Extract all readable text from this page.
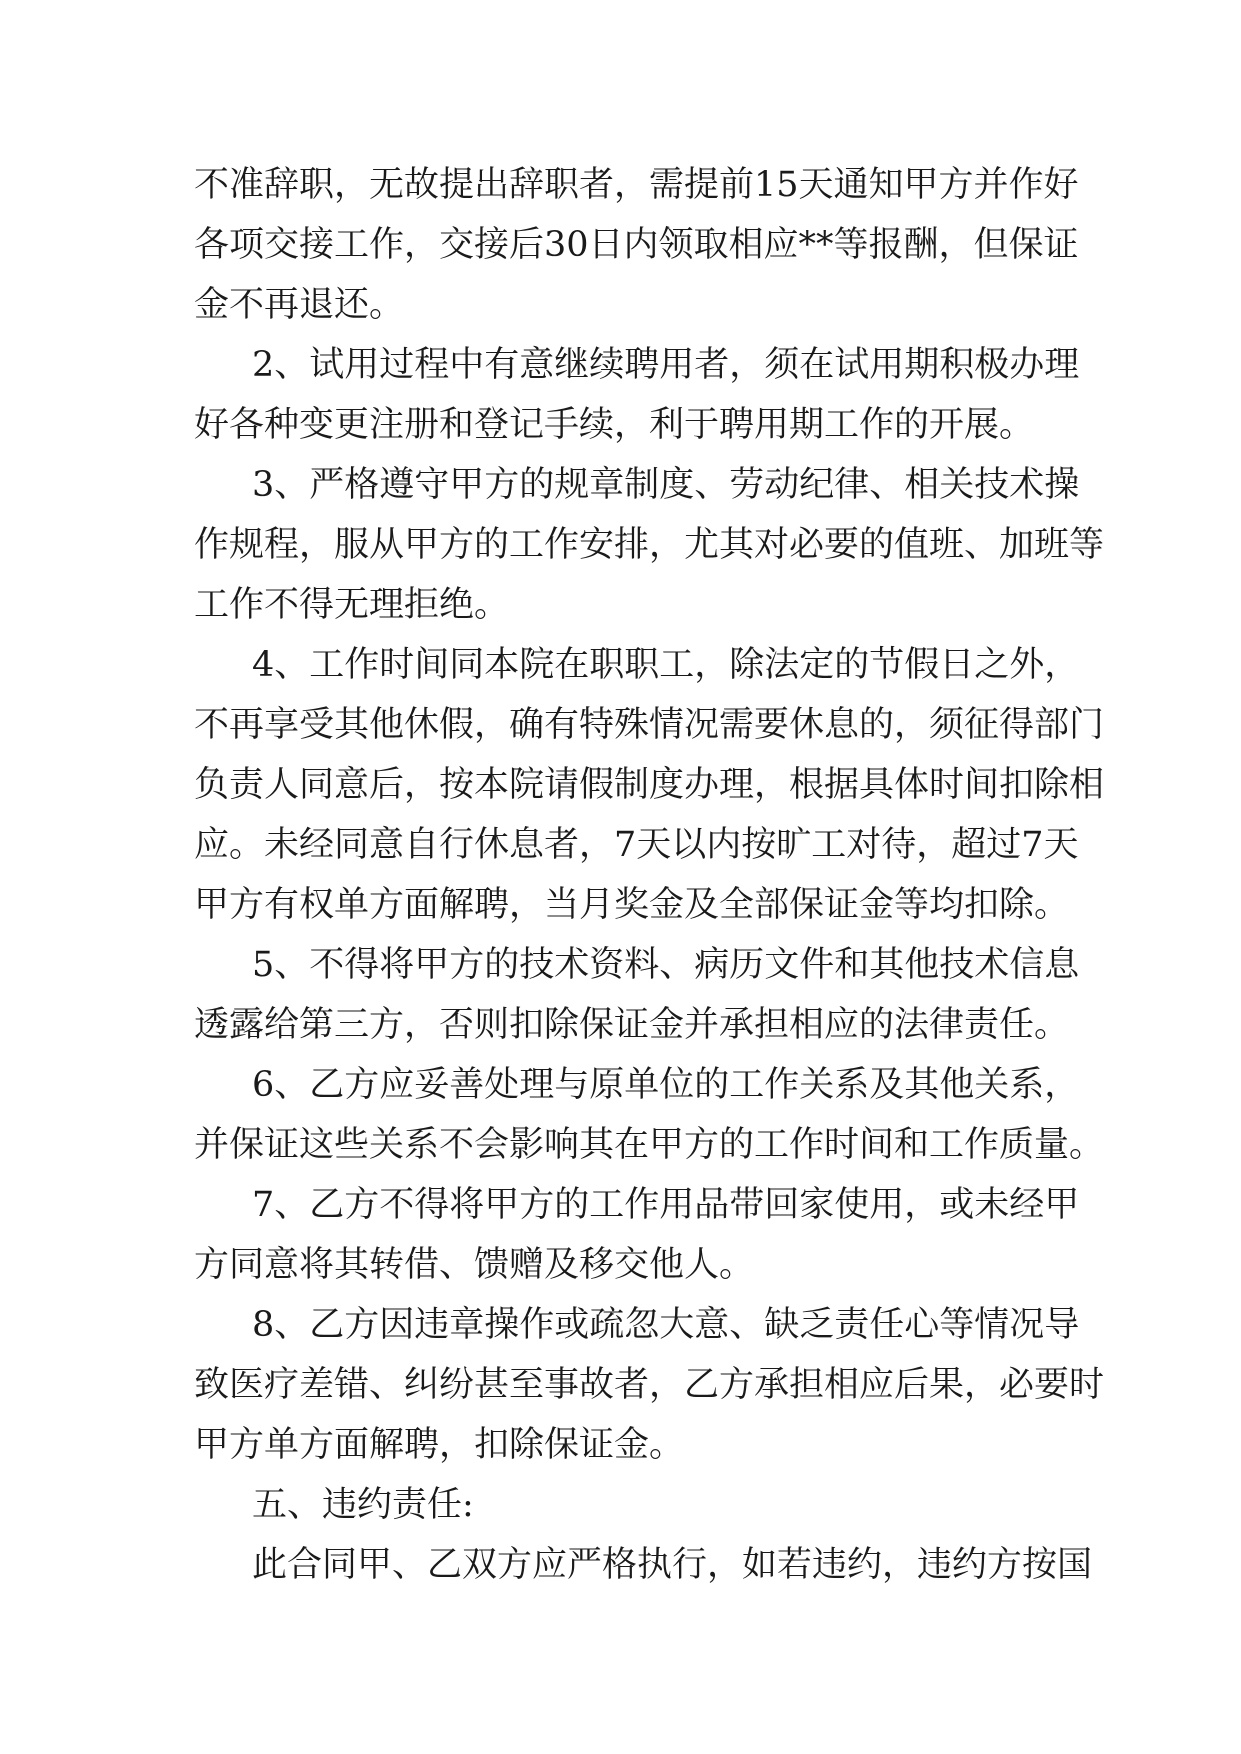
不准辞职，无故提出辞职者，需提前15天通知甲方并作好
各项交接工作，交接后30日内领取相应**等报酬，但保证
金不再退还。
2、试用过程中有意继续聘用者，须在试用期积极办理
好各种变更注册和登记手续，利于聘用期工作的开展。
3、严格遵守甲方的规章制度、劳动纪律、相关技术操
作规程，服从甲方的工作安排，尤其对必要的值班、加班等
工作不得无理拒绝。
4、工作时间同本院在职职工，除法定的节假日之外，
不再享受其他休假，确有特殊情况需要休息的，须征得部门
负责人同意后，按本院请假制度办理，根据具体时间扣除相
应。未经同意自行休息者，7天以内按旷工对待，超过7天
甲方有权单方面解聘，当月奖金及全部保证金等均扣除。
5、不得将甲方的技术资料、病历文件和其他技术信息
透露给第三方，否则扣除保证金并承担相应的法律责任。
6、乙方应妥善处理与原单位的工作关系及其他关系，
并保证这些关系不会影响其在甲方的工作时间和工作质量。
7、乙方不得将甲方的工作用品带回家使用，或未经甲
方同意将其转借、馈赠及移交他人。
8、乙方因违章操作或疏忽大意、缺乏责任心等情况导
致医疗差错、纠纷甚至事故者，乙方承担相应后果，必要时
甲方单方面解聘，扣除保证金。
五、违约责任:
此合同甲、乙双方应严格执行，如若违约，违约方按国
